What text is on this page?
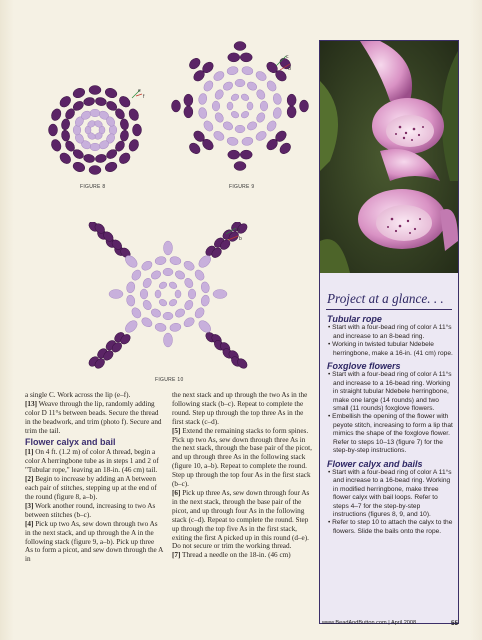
e
f
FIGURE 8
c
d
FIGURE 9
a
b
FIGURE 10

a single C. Work across the lip (e–f).

[13] Weave through the lip, randomly adding color D 11°s between beads. Secure the thread in the beadwork, and trim (photo f). Secure and trim the tail.

Flower calyx and bail

[1] On 4 ft. (1.2 m) of color A thread, begin a color A herringbone tube as in steps 1 and 2 of "Tubular rope," leaving an 18-in. (46 cm) tail.

[2] Begin to increase by adding an A between each pair of stitches, stepping up at the end of the round (figure 8, a–b).

[3] Work another round, increasing to two As between stitches (b–c).

[4] Pick up two As, sew down through two As in the next stack, and up through the A in the following stack (figure 9, a–b). Pick up three As to form a picot, and sew down through the A in

the next stack and up through the two As in the following stack (b–c). Repeat to complete the round. Step up through the top three As in the first stack (c–d).

[5] Extend the remaining stacks to form spines. Pick up two As, sew down through three As in the next stack, through the base pair of the picot, and up through three As in the following stack (figure 10, a–b). Repeat to complete the round. Step up through the top four As in the first stack (b–c).

[6] Pick up three As, sew down through four As in the next stack, through the base pair of the picot, and up through four As in the following stack (c–d). Repeat to complete the round. Step up through the top five As in the first stack, exiting the first A picked up in this round (d–e). Do not secure or trim the working thread.

[7] Thread a needle on the 18-in. (46 cm)

Project at a glance. . .
Tubular rope
• Start with a four-bead ring of color A 11°s and increase to an 8-bead ring.
• Working in twisted tubular Ndebele herringbone, make a 16-in. (41 cm) rope.
Foxglove flowers
• Start with a four-bead ring of color A 11°s and increase to a 16-bead ring. Working in straight tubular Ndebele herringbone, make one large (14 rounds) and two small (11 rounds) foxglove flowers.
• Embellish the opening of the flower with peyote stitch, increasing to form a lip that mimics the shape of the foxglove flower. Refer to steps 10–13 (figure 7) for the step-by-step instructions.
Flower calyx and bails
• Start with a four-bead ring of color A 11°s and increase to a 16-bead ring. Working in modified herringbone, make three flower calyx with bail loops. Refer to steps 4–7 for the step-by-step instructions (figures 8, 9, and 10).
• Refer to step 10 to attach the calyx to the flowers. Slide the bails onto the rope.
www.BeadAndButton.com | April 2008	55
